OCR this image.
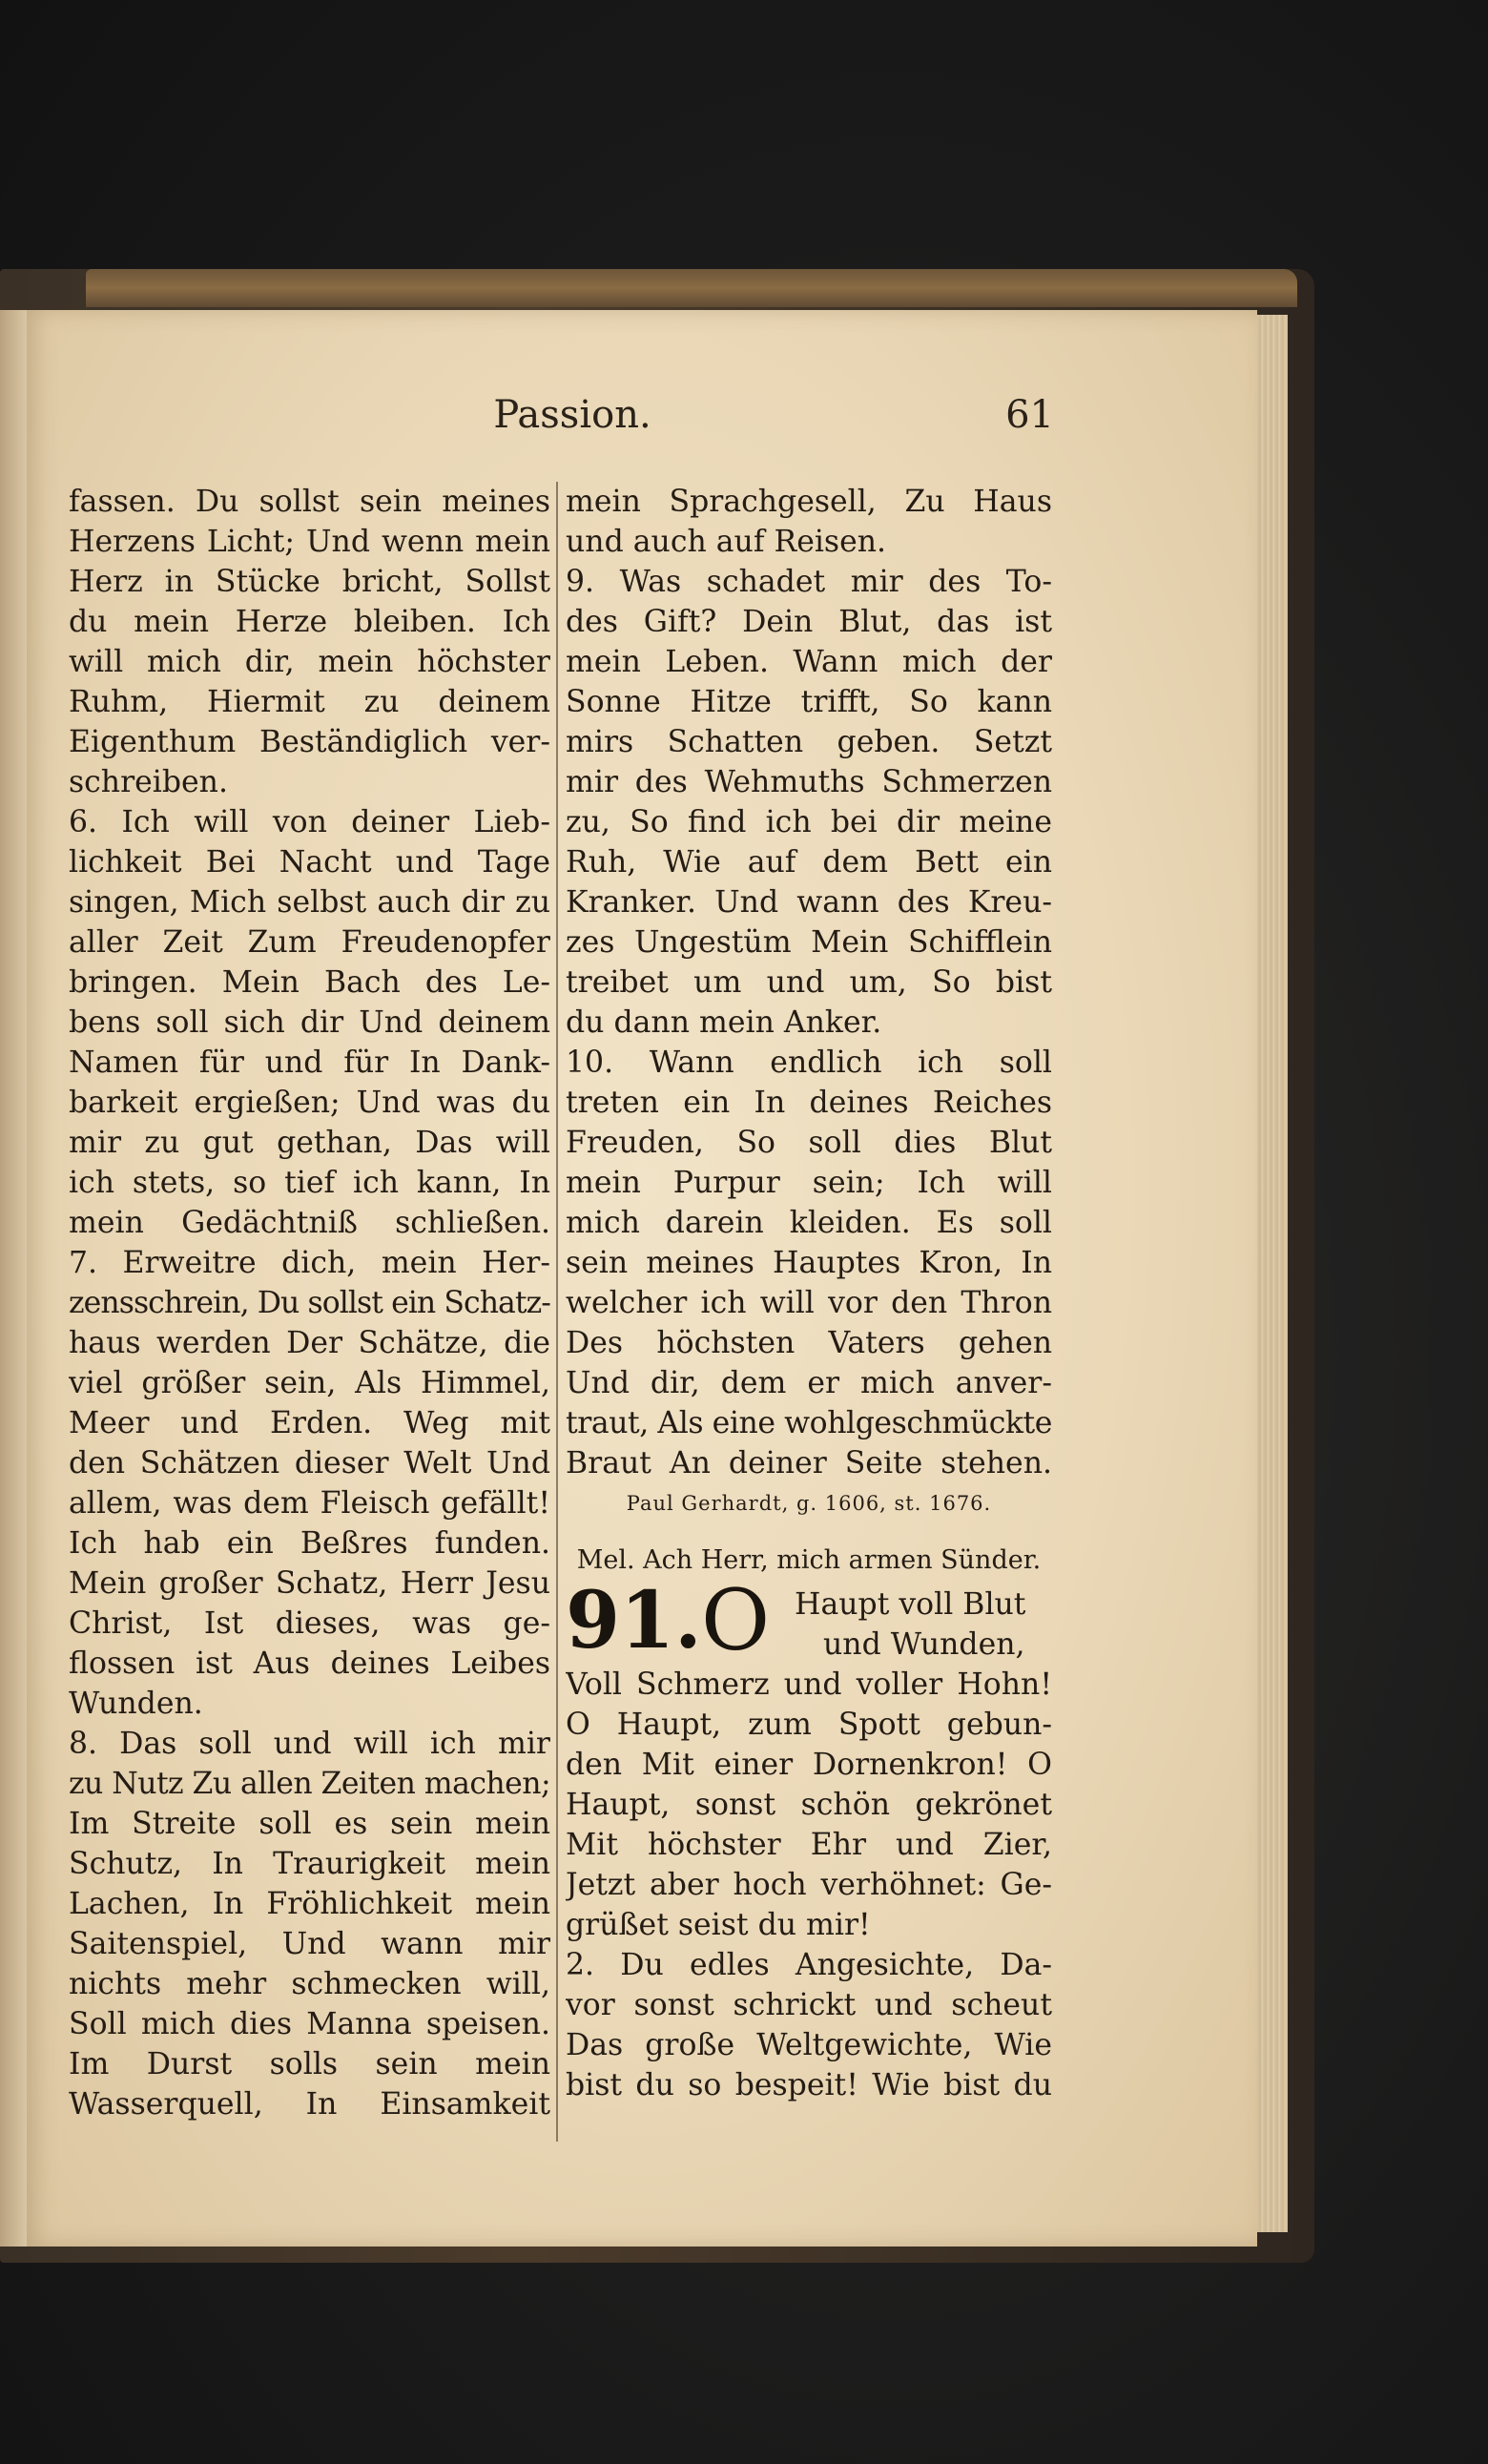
Passion.	61
fassen. Du sollst sein meines
Herzens Licht; Und wenn mein
Herz in Stücke bricht, Sollst
du mein Herze bleiben. Ich
will mich dir, mein höchster
Ruhm, Hiermit zu deinem
Eigenthum Beständiglich ver-
schreiben.
6. Ich will von deiner Lieb-
lichkeit Bei Nacht und Tage
singen, Mich selbst auch dir zu
aller Zeit Zum Freudenopfer
bringen. Mein Bach des Le-
bens soll sich dir Und deinem
Namen für und für In Dank-
barkeit ergießen; Und was du
mir zu gut gethan, Das will
ich stets, so tief ich kann, In
mein Gedächtniß schließen.
7. Erweitre dich, mein Her-
zensschrein, Du sollst ein Schatz-
haus werden Der Schätze, die
viel größer sein, Als Himmel,
Meer und Erden. Weg mit
den Schätzen dieser Welt Und
allem, was dem Fleisch gefällt!
Ich hab ein Beßres funden.
Mein großer Schatz, Herr Jesu
Christ, Ist dieses, was ge-
flossen ist Aus deines Leibes
Wunden.
8. Das soll und will ich mir
zu Nutz Zu allen Zeiten machen;
Im Streite soll es sein mein
Schutz, In Traurigkeit mein
Lachen, In Fröhlichkeit mein
Saitenspiel, Und wann mir
nichts mehr schmecken will,
Soll mich dies Manna speisen.
Im Durst solls sein mein
Wasserquell, In Einsamkeit
mein Sprachgesell, Zu Haus
und auch auf Reisen.
9. Was schadet mir des To-
des Gift? Dein Blut, das ist
mein Leben. Wann mich der
Sonne Hitze trifft, So kann
mirs Schatten geben. Setzt
mir des Wehmuths Schmerzen
zu, So find ich bei dir meine
Ruh, Wie auf dem Bett ein
Kranker. Und wann des Kreu-
zes Ungestüm Mein Schifflein
treibet um und um, So bist
du dann mein Anker.
10. Wann endlich ich soll
treten ein In deines Reiches
Freuden, So soll dies Blut
mein Purpur sein; Ich will
mich darein kleiden. Es soll
sein meines Hauptes Kron, In
welcher ich will vor den Thron
Des höchsten Vaters gehen
Und dir, dem er mich anver-
traut, Als eine wohlgeschmückte
Braut An deiner Seite stehen.
Paul Gerhardt, g. 1606, st. 1676.
Mel. Ach Herr, mich armen Sünder.
91. O Haupt voll Blut
und Wunden,
Voll Schmerz und voller Hohn!
O Haupt, zum Spott gebun-
den Mit einer Dornenkron! O
Haupt, sonst schön gekrönet
Mit höchster Ehr und Zier,
Jetzt aber hoch verhöhnet: Ge-
grüßet seist du mir!
2. Du edles Angesichte, Da-
vor sonst schrickt und scheut
Das große Weltgewichte, Wie
bist du so bespeit! Wie bist du
